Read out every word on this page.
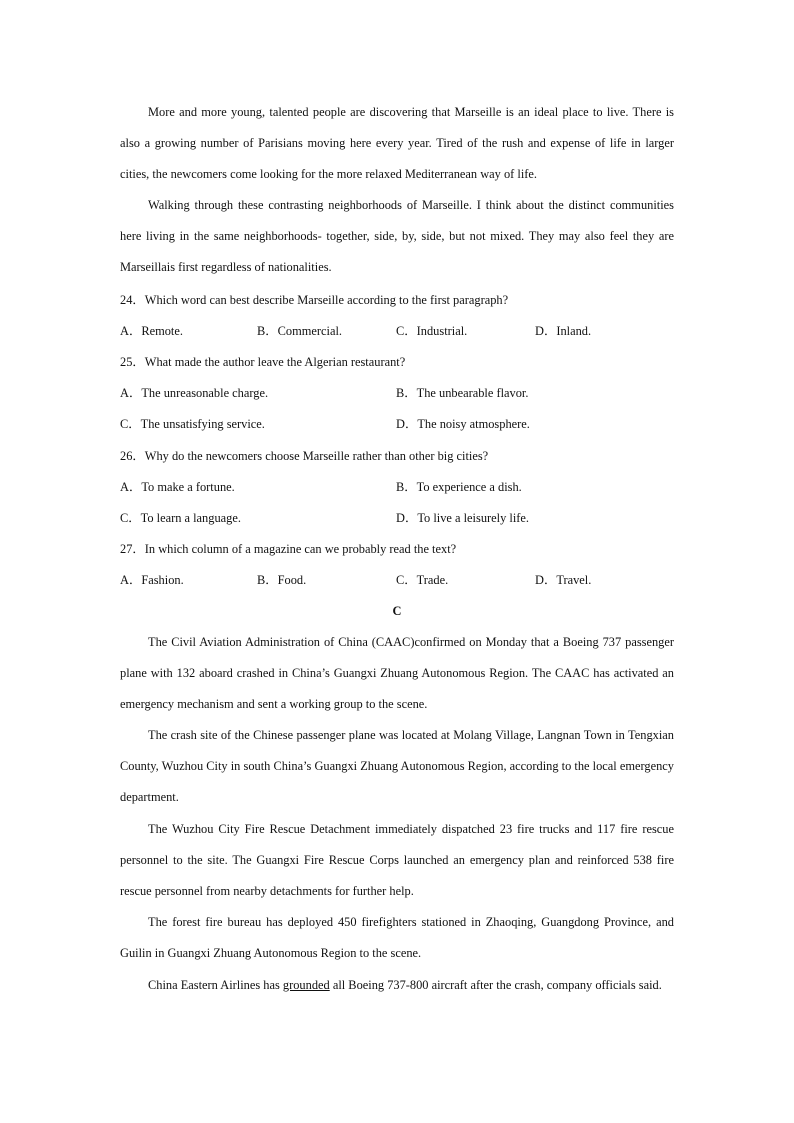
More and more young, talented people are discovering that Marseille is an ideal place to live. There is also a growing number of Parisians moving here every year. Tired of the rush and expense of life in larger cities, the newcomers come looking for the more relaxed Mediterranean way of life.

Walking through these contrasting neighborhoods of Marseille. I think about the distinct communities here living in the same neighborhoods- together, side, by, side, but not mixed. They may also feel they are Marseillais first regardless of nationalities.

24．Which word can best describe Marseille according to the first paragraph?
A．Remote.	B．Commercial.	C．Industrial.	D．Inland.
25．What made the author leave the Algerian restaurant?
A．The unreasonable charge.	B．The unbearable flavor.
C．The unsatisfying service.	D．The noisy atmosphere.
26．Why do the newcomers choose Marseille rather than other big cities?
A．To make a fortune.	B．To experience a dish.
C．To learn a language.	D．To live a leisurely life.
27．In which column of a magazine can we probably read the text?
A．Fashion.	B．Food.	C．Trade.	D．Travel.
C

The Civil Aviation Administration of China (CAAC)confirmed on Monday that a Boeing 737 passenger plane with 132 aboard crashed in China’s Guangxi Zhuang Autonomous Region. The CAAC has activated an emergency mechanism and sent a working group to the scene.

The crash site of the Chinese passenger plane was located at Molang Village, Langnan Town in Tengxian County, Wuzhou City in south China’s Guangxi Zhuang Autonomous Region, according to the local emergency department.

The Wuzhou City Fire Rescue Detachment immediately dispatched 23 fire trucks and 117 fire rescue personnel to the site. The Guangxi Fire Rescue Corps launched an emergency plan and reinforced 538 fire rescue personnel from nearby detachments for further help.

The forest fire bureau has deployed 450 firefighters stationed in Zhaoqing, Guangdong Province, and Guilin in Guangxi Zhuang Autonomous Region to the scene.

China Eastern Airlines has grounded all Boeing 737-800 aircraft after the crash, company officials said.
